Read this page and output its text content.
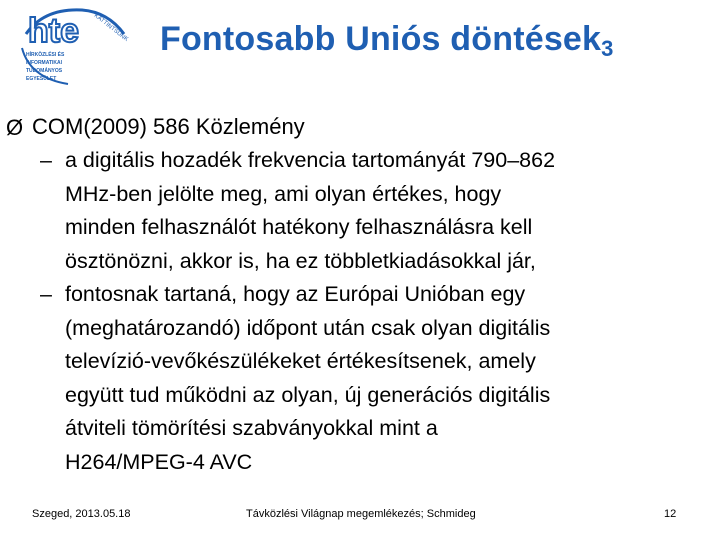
hte KATTINTSUNK
HÍRKÖZLÉSI ÉS
INFORMATIKAI
TUDOMÁNYOS
EGYESÜLET
Fontosabb Uniós döntések$_3$
Ø COM(2009) 586 Közlemény
– a digitális hozadék frekvencia tartományát 790–862
MHz-ben jelölte meg, ami olyan értékes, hogy
minden felhasználót hatékony felhasználásra kell
ösztönözni, akkor is, ha ez többletkiadásokkal jár,
– fontosnak tartaná, hogy az Európai Unióban egy
(meghatározandó) időpont után csak olyan digitális
televízió-vevőkészülékeket értékesítsenek, amely
együtt tud működni az olyan, új generációs digitális
átviteli tömörítési szabványokkal mint a
H264/MPEG-4 AVC
Szeged, 2013.05.18	Távközlési Világnap megemlékezés; Schmideg	12
